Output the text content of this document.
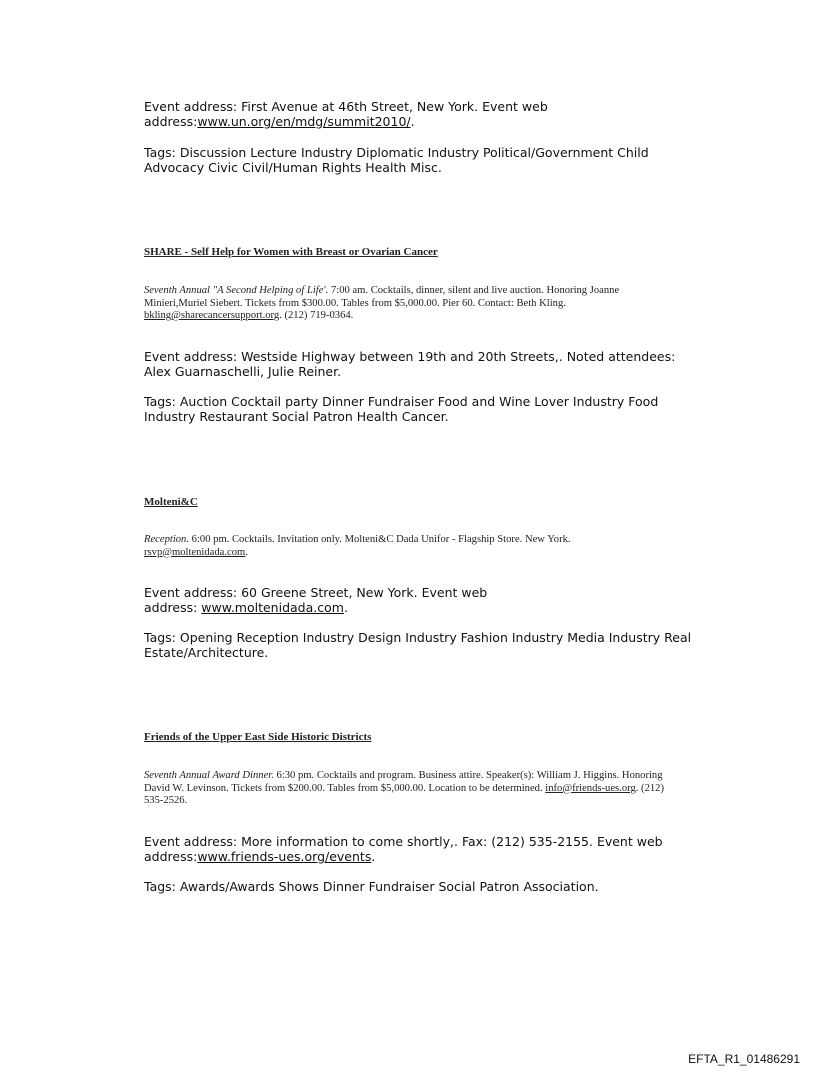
Event address: First Avenue at 46th Street, New York. Event web address:www.un.org/en/mdg/summit2010/.

Tags: Discussion Lecture Industry Diplomatic Industry Political/Government Child Advocacy Civic Civil/Human Rights Health Misc.

SHARE - Self Help for Women with Breast or Ovarian Cancer

Seventh Annual "A Second Helping of Life'. 7:00 am. Cocktails, dinner, silent and live auction. Honoring Joanne Minieri,Muriel Siebert. Tickets from $300.00. Tables from $5,000.00. Pier 60. Contact: Beth Kling. bkling@sharecancersupport.org. (212) 719-0364.

Event address: Westside Highway between 19th and 20th Streets,. Noted attendees: Alex Guarnaschelli, Julie Reiner.

Tags: Auction Cocktail party Dinner Fundraiser Food and Wine Lover Industry Food Industry Restaurant Social Patron Health Cancer.

Molteni&C

Reception. 6:00 pm. Cocktails. Invitation only. Molteni&C Dada Unifor - Flagship Store. New York. rsvp@moltenidada.com.

Event address: 60 Greene Street, New York. Event web address: www.moltenidada.com.

Tags: Opening Reception Industry Design Industry Fashion Industry Media Industry Real Estate/Architecture.

Friends of the Upper East Side Historic Districts

Seventh Annual Award Dinner. 6:30 pm. Cocktails and program. Business attire. Speaker(s): William J. Higgins. Honoring David W. Levinson. Tickets from $200.00. Tables from $5,000.00. Location to be determined. info@friends-ues.org. (212) 535-2526.

Event address: More information to come shortly,. Fax: (212) 535-2155. Event web address:www.friends-ues.org/events.

Tags: Awards/Awards Shows Dinner Fundraiser Social Patron Association.

EFTA_R1_01486291
